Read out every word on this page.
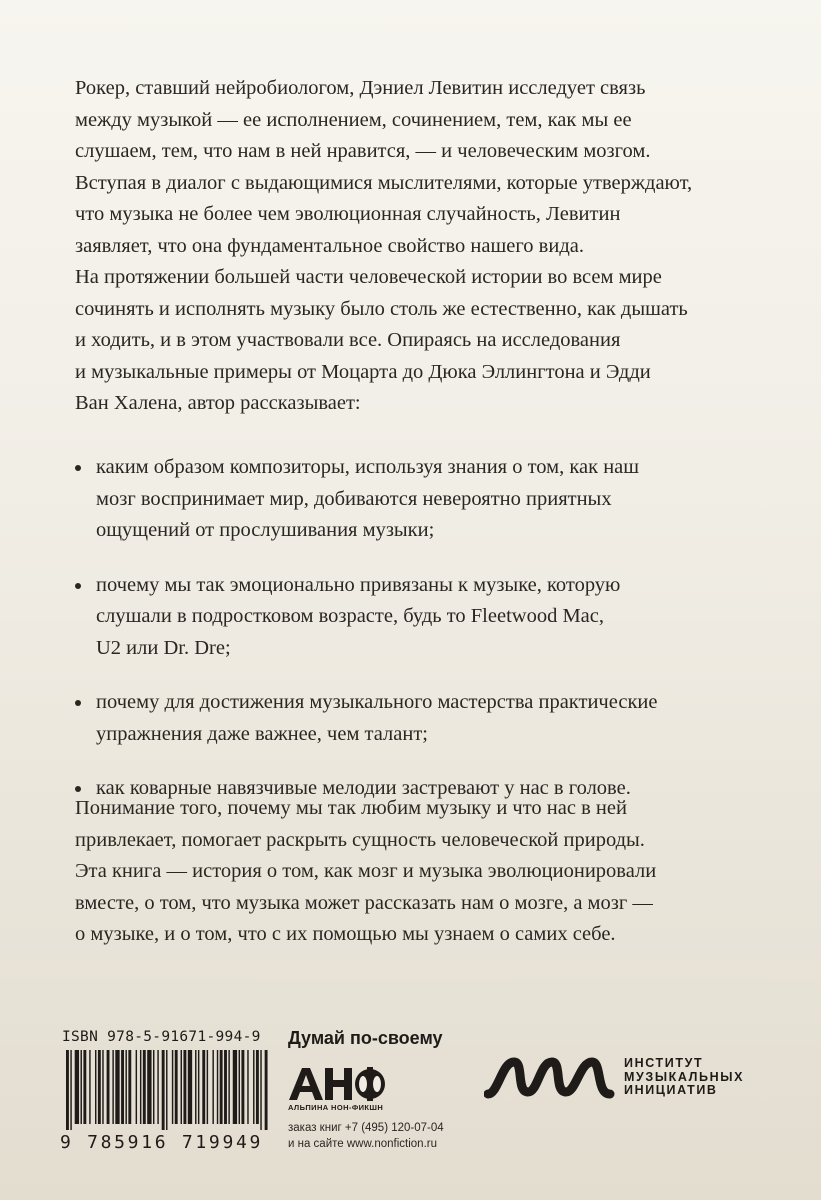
Рокер, ставший нейробиологом, Дэниел Левитин исследует связь
между музыкой — ее исполнением, сочинением, тем, как мы ее
слушаем, тем, что нам в ней нравится, — и человеческим мозгом.
Вступая в диалог с выдающимися мыслителями, которые утверждают,
что музыка не более чем эволюционная случайность, Левитин
заявляет, что она фундаментальное свойство нашего вида.
На протяжении большей части человеческой истории во всем мире
сочинять и исполнять музыку было столь же естественно, как дышать
и ходить, и в этом участвовали все. Опираясь на исследования
и музыкальные примеры от Моцарта до Дюка Эллингтона и Эдди
Ван Халена, автор рассказывает:
каким образом композиторы, используя знания о том, как наш
мозг воспринимает мир, добиваются невероятно приятных
ощущений от прослушивания музыки;
почему мы так эмоционально привязаны к музыке, которую
слушали в подростковом возрасте, будь то Fleetwood Mac,
U2 или Dr. Dre;
почему для достижения музыкального мастерства практические
упражнения даже важнее, чем талант;
как коварные навязчивые мелодии застревают у нас в голове.
Понимание того, почему мы так любим музыку и что нас в ней
привлекает, помогает раскрыть сущность человеческой природы.
Эта книга — история о том, как мозг и музыка эволюционировали
вместе, о том, что музыка может рассказать нам о мозге, а мозг —
о музыке, и о том, что с их помощью мы узнаем о самих себе.
ISBN 978-5-91671-994-9
9 785916 719949
Думай по-своему
АНФ
АЛЬПИНА НОН-ФИКШН
заказ книг +7 (495) 120-07-04
и на сайте www.nonfiction.ru
ИНСТИТУТ
МУЗЫКАЛЬНЫХ
ИНИЦИАТИВ
